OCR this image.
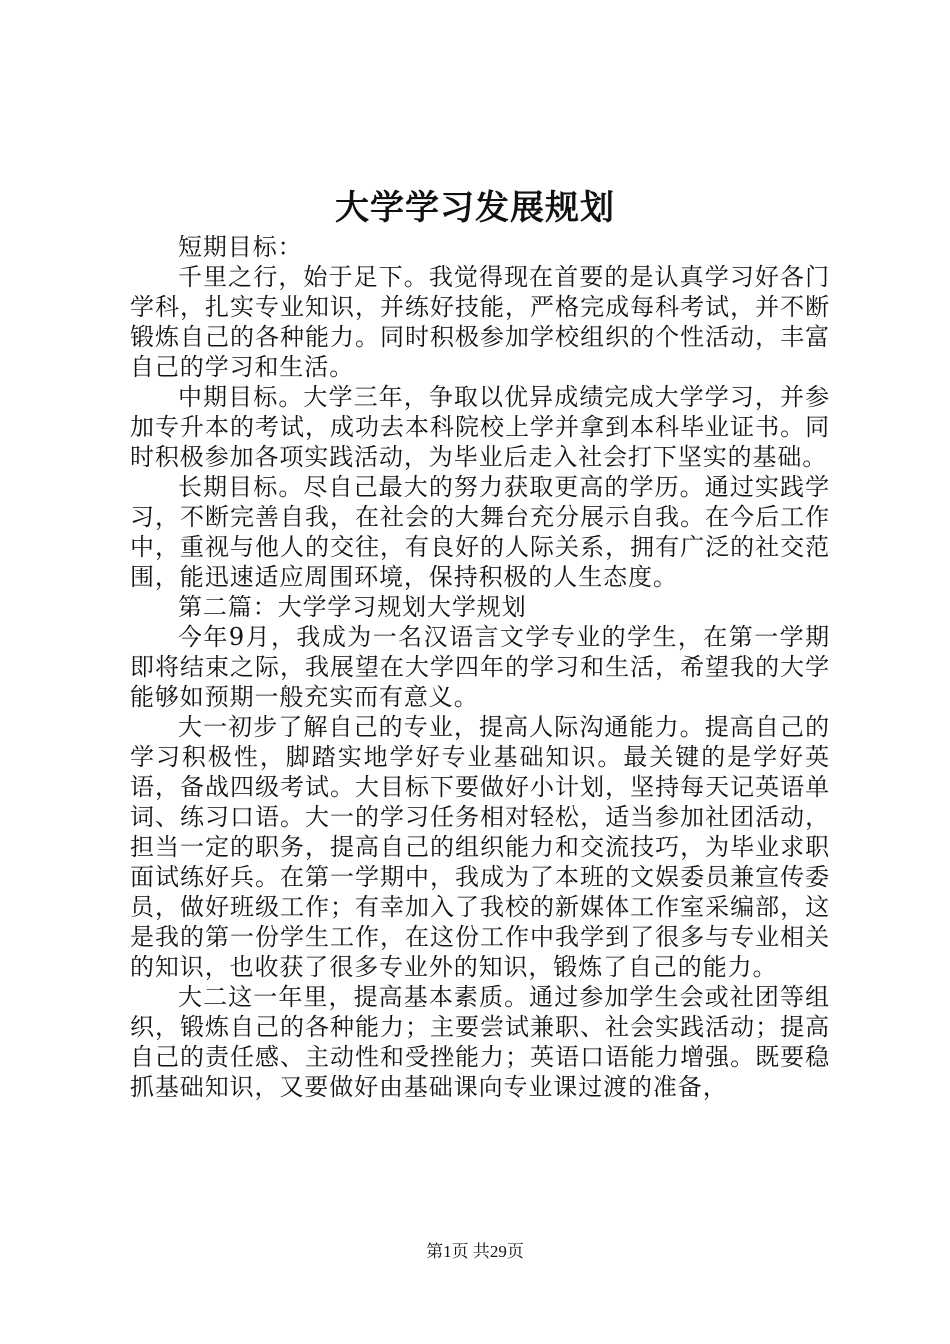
大学学习发展规划

短期目标：

千里之行，始于足下。我觉得现在首要的是认真学习好各门学科，扎实专业知识，并练好技能，严格完成每科考试，并不断锻炼自己的各种能力。同时积极参加学校组织的个性活动，丰富自己的学习和生活。

中期目标。大学三年，争取以优异成绩完成大学学习，并参加专升本的考试，成功去本科院校上学并拿到本科毕业证书。同时积极参加各项实践活动，为毕业后走入社会打下坚实的基础。

长期目标。尽自己最大的努力获取更高的学历。通过实践学习，不断完善自我，在社会的大舞台充分展示自我。在今后工作中，重视与他人的交往，有良好的人际关系，拥有广泛的社交范围，能迅速适应周围环境，保持积极的人生态度。

第二篇：大学学习规划大学规划

今年9月，我成为一名汉语言文学专业的学生，在第一学期即将结束之际，我展望在大学四年的学习和生活，希望我的大学能够如预期一般充实而有意义。

大一初步了解自己的专业，提高人际沟通能力。提高自己的学习积极性，脚踏实地学好专业基础知识。最关键的是学好英语，备战四级考试。大目标下要做好小计划，坚持每天记英语单词、练习口语。大一的学习任务相对轻松，适当参加社团活动，担当一定的职务，提高自己的组织能力和交流技巧，为毕业求职面试练好兵。在第一学期中，我成为了本班的文娱委员兼宣传委员，做好班级工作；有幸加入了我校的新媒体工作室采编部，这是我的第一份学生工作，在这份工作中我学到了很多与专业相关的知识，也收获了很多专业外的知识，锻炼了自己的能力。

大二这一年里，提高基本素质。通过参加学生会或社团等组织，锻炼自己的各种能力；主要尝试兼职、社会实践活动；提高自己的责任感、主动性和受挫能力；英语口语能力增强。既要稳抓基础知识，又要做好由基础课向专业课过渡的准备，

第1页 共29页
